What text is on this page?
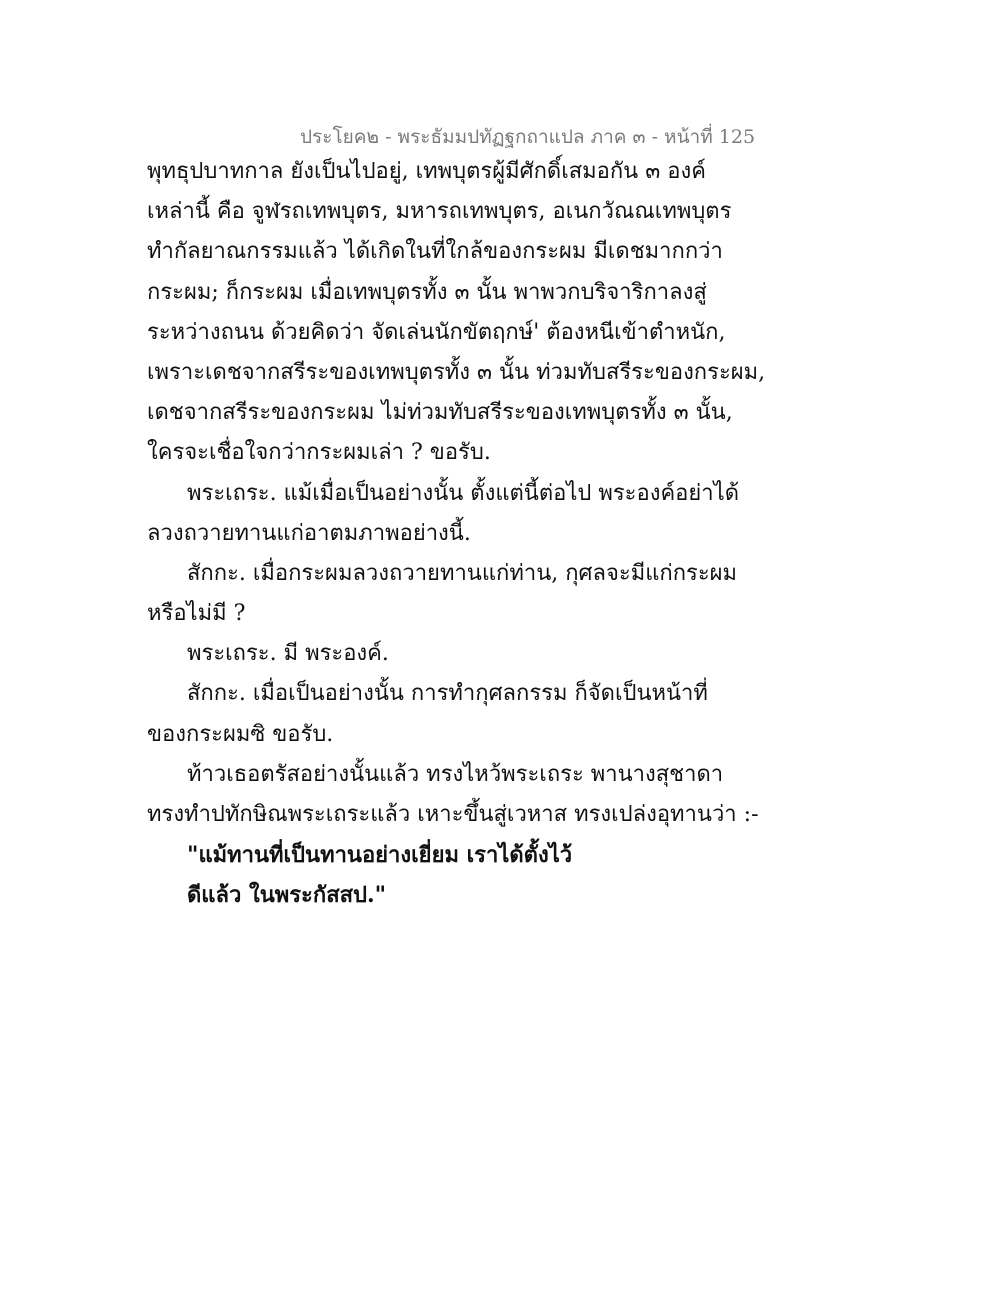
ประโยค๒ - พระธัมมปทัฏฐกถาแปล ภาค ๓ - หน้าที่ 125
พุทธุปบาทกาล ยังเป็นไปอยู่, เทพบุตรผู้มีศักดิ์เสมอกัน ๓ องค์
เหล่านี้ คือ จูฬรถเทพบุตร, มหารถเทพบุตร, อเนกวัณณเทพบุตร
ทำกัลยาณกรรมแล้ว ได้เกิดในที่ใกล้ของกระผม มีเดชมากกว่า
กระผม; ก็กระผม เมื่อเทพบุตรทั้ง ๓ นั้น พาพวกบริจาริกาลงสู่
ระหว่างถนน ด้วยคิดว่า จัดเล่นนักขัตฤกษ์' ต้องหนีเข้าตำหนัก,
เพราะเดชจากสรีระของเทพบุตรทั้ง ๓ นั้น ท่วมทับสรีระของกระผม,
เดชจากสรีระของกระผม ไม่ท่วมทับสรีระของเทพบุตรทั้ง ๓ นั้น,
ใครจะเชื่อใจกว่ากระผมเล่า ? ขอรับ.
พระเถระ. แม้เมื่อเป็นอย่างนั้น ตั้งแต่นี้ต่อไป พระองค์อย่าได้
ลวงถวายทานแก่อาตมภาพอย่างนี้.
สักกะ. เมื่อกระผมลวงถวายทานแก่ท่าน, กุศลจะมีแก่กระผม
หรือไม่มี ?
พระเถระ. มี พระองค์.
สักกะ. เมื่อเป็นอย่างนั้น การทำกุศลกรรม ก็จัดเป็นหน้าที่
ของกระผมซิ ขอรับ.
ท้าวเธอตรัสอย่างนั้นแล้ว ทรงไหว้พระเถระ พานางสุชาดา
ทรงทำปทักษิณพระเถระแล้ว เหาะขึ้นสู่เวหาส ทรงเปล่งอุทานว่า :-
"แม้ทานที่เป็นทานอย่างเยี่ยม เราได้ตั้งไว้
ดีแล้ว ในพระกัสสป."
